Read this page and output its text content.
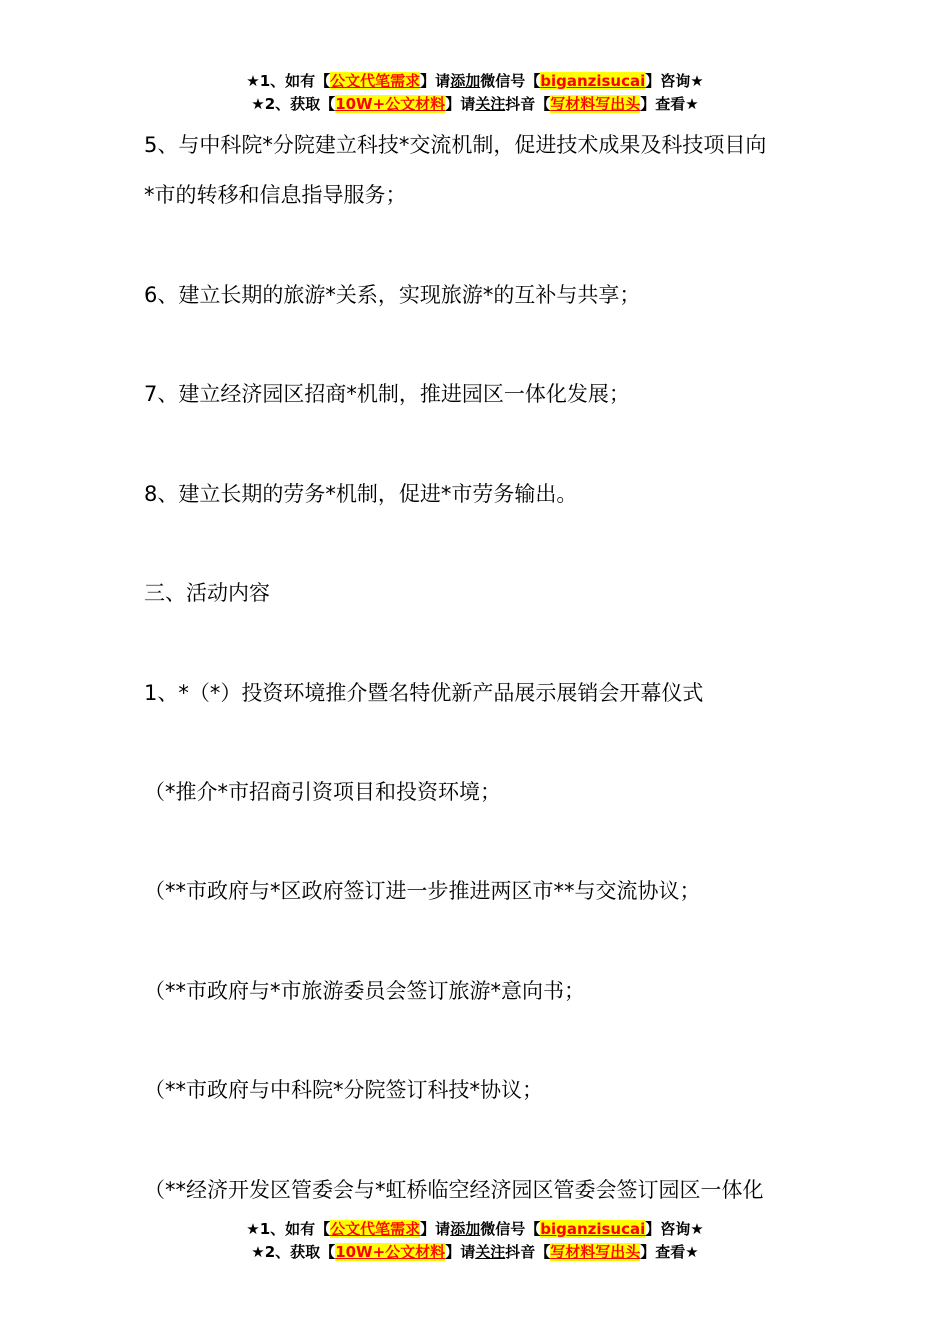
★1、如有【公文代笔需求】请添加微信号【biganzisucai】咨询★
★2、获取【10W+公文材料】请关注抖音【写材料写出头】查看★
5、与中科院*分院建立科技*交流机制，促进技术成果及科技项目向
*市的转移和信息指导服务；
6、建立长期的旅游*关系，实现旅游*的互补与共享；
7、建立经济园区招商*机制，推进园区一体化发展；
8、建立长期的劳务*机制，促进*市劳务输出。
三、活动内容
1、*（*）投资环境推介暨名特优新产品展示展销会开幕仪式
（*推介*市招商引资项目和投资环境；
（**市政府与*区政府签订进一步推进两区市**与交流协议；
（**市政府与*市旅游委员会签订旅游*意向书；
（**市政府与中科院*分院签订科技*协议；
（**经济开发区管委会与*虹桥临空经济园区管委会签订园区一体化
★1、如有【公文代笔需求】请添加微信号【biganzisucai】咨询★
★2、获取【10W+公文材料】请关注抖音【写材料写出头】查看★
